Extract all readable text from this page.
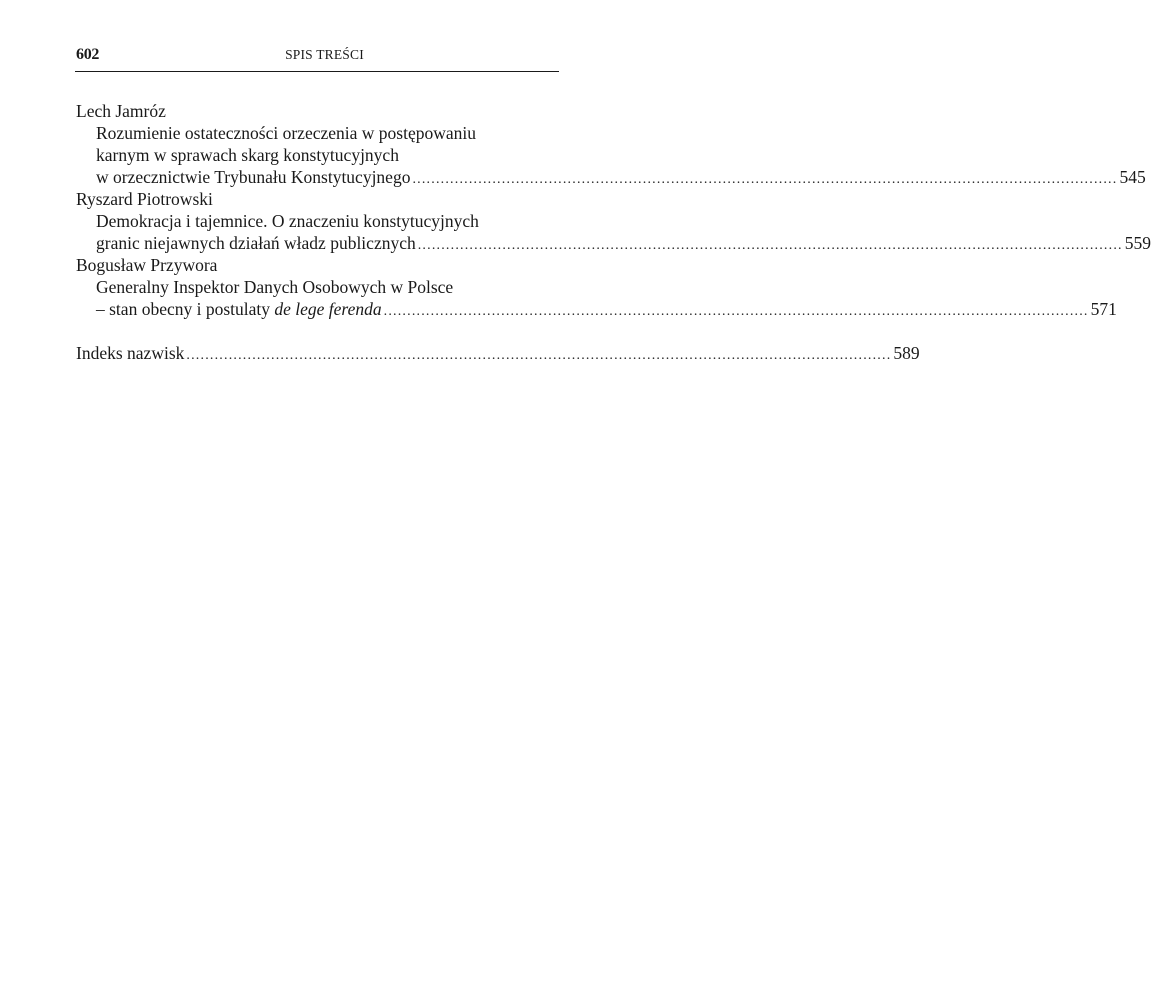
602	SPIS TREŚCI
Lech Jamróz
Rozumienie ostateczności orzeczenia w postępowaniu
karnym w sprawach skarg konstytucyjnych
w orzecznictwie Trybunału Konstytucyjnego ...................................................................................................................................................... 545
Ryszard Piotrowski
Demokracja i tajemnice. O znaczeniu konstytucyjnych
granic niejawnych działań władz publicznych ...................................................................................................................................................... 559
Bogusław Przywora
Generalny Inspektor Danych Osobowych w Polsce
– stan obecny i postulaty de lege ferenda ...................................................................................................................................................... 571
Indeks nazwisk ...................................................................................................................................................... 589
